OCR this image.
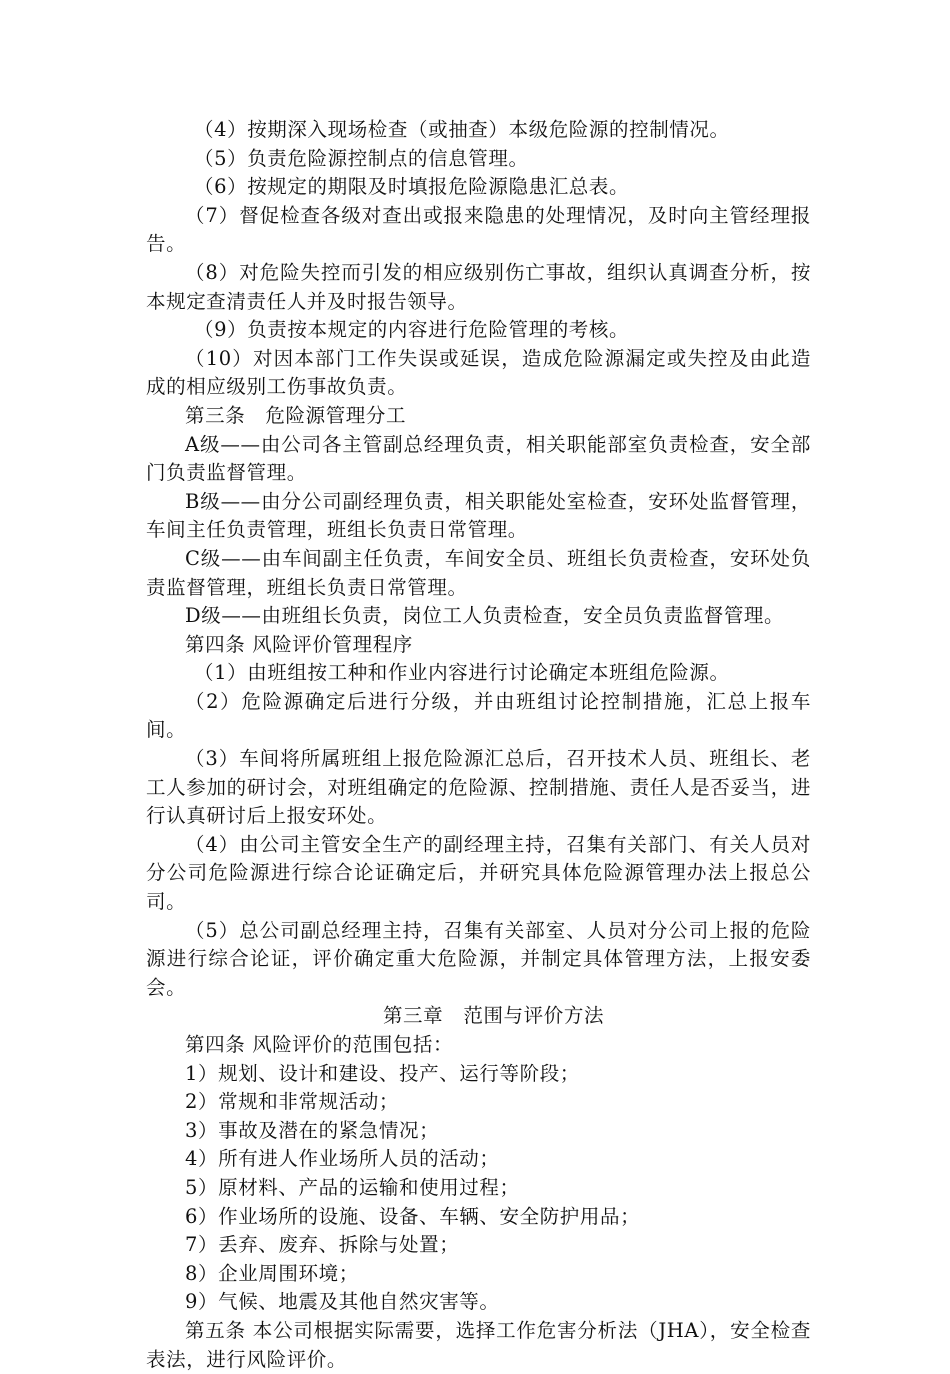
（4）按期深入现场检查（或抽查）本级危险源的控制情况。

（5）负责危险源控制点的信息管理。

（6）按规定的期限及时填报危险源隐患汇总表。

（7）督促检查各级对查出或报来隐患的处理情况，及时向主管经理报告。

（8）对危险失控而引发的相应级别伤亡事故，组织认真调查分析，按本规定查清责任人并及时报告领导。

（9）负责按本规定的内容进行危险管理的考核。

（10）对因本部门工作失误或延误，造成危险源漏定或失控及由此造成的相应级别工伤事故负责。

第三条　危险源管理分工

A级——由公司各主管副总经理负责，相关职能部室负责检查，安全部门负责监督管理。

B级——由分公司副经理负责，相关职能处室检查，安环处监督管理，车间主任负责管理，班组长负责日常管理。

C级——由车间副主任负责，车间安全员、班组长负责检查，安环处负责监督管理，班组长负责日常管理。

D级——由班组长负责，岗位工人负责检查，安全员负责监督管理。

第四条 风险评价管理程序

（1）由班组按工种和作业内容进行讨论确定本班组危险源。

（2）危险源确定后进行分级，并由班组讨论控制措施，汇总上报车间。

（3）车间将所属班组上报危险源汇总后，召开技术人员、班组长、老工人参加的研讨会，对班组确定的危险源、控制措施、责任人是否妥当，进行认真研讨后上报安环处。

（4）由公司主管安全生产的副经理主持，召集有关部门、有关人员对分公司危险源进行综合论证确定后，并研究具体危险源管理办法上报总公司。

（5）总公司副总经理主持，召集有关部室、人员对分公司上报的危险源进行综合论证，评价确定重大危险源，并制定具体管理方法，上报安委会。

第三章　范围与评价方法

第四条 风险评价的范围包括：

1）规划、设计和建设、投产、运行等阶段；

2）常规和非常规活动；

3）事故及潜在的紧急情况；

4）所有进人作业场所人员的活动；

5）原材料、产品的运输和使用过程；

6）作业场所的设施、设备、车辆、安全防护用品；

7）丢弃、废弃、拆除与处置；

8）企业周围环境；

9）气候、地震及其他自然灾害等。

第五条 本公司根据实际需要，选择工作危害分析法（JHA），安全检查表法，进行风险评价。
